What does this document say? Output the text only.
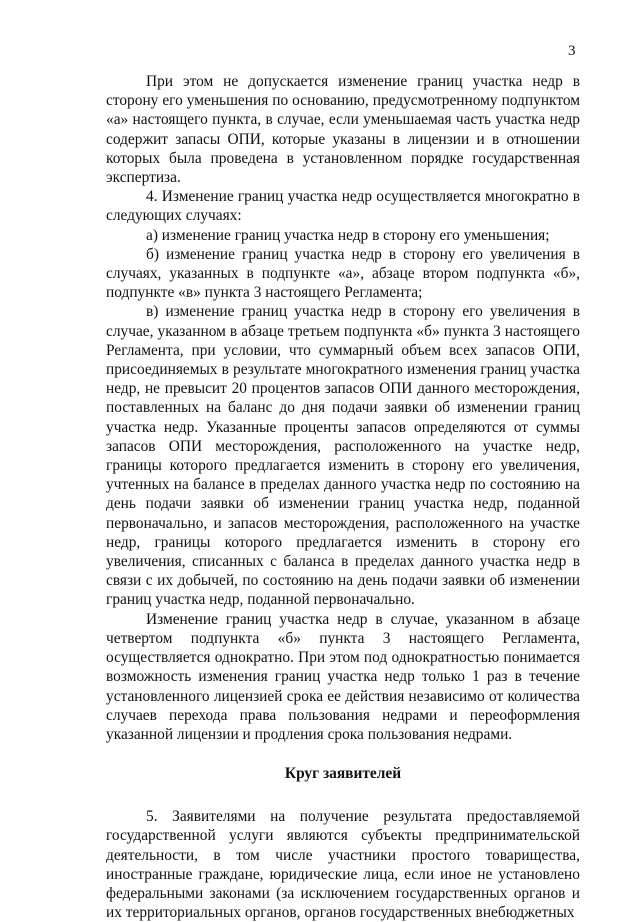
3

При этом не допускается изменение границ участка недр в сторону его уменьшения по основанию, предусмотренному подпунктом «а» настоящего пункта, в случае, если уменьшаемая часть участка недр содержит запасы ОПИ, которые указаны в лицензии и в отношении которых была проведена в установленном порядке государственная экспертиза.

4. Изменение границ участка недр осуществляется многократно в следующих случаях:

а) изменение границ участка недр в сторону его уменьшения;

б) изменение границ участка недр в сторону его увеличения в случаях, указанных в подпункте «а», абзаце втором подпункта «б», подпункте «в» пункта 3 настоящего Регламента;

в) изменение границ участка недр в сторону его увеличения в случае, указанном в абзаце третьем подпункта «б» пункта 3 настоящего Регламента, при условии, что суммарный объем всех запасов ОПИ, присоединяемых в результате многократного изменения границ участка недр, не превысит 20 процентов запасов ОПИ данного месторождения, поставленных на баланс до дня подачи заявки об изменении границ участка недр. Указанные проценты запасов определяются от суммы запасов ОПИ месторождения, расположенного на участке недр, границы которого предлагается изменить в сторону его увеличения, учтенных на балансе в пределах данного участка недр по состоянию на день подачи заявки об изменении границ участка недр, поданной первоначально, и запасов месторождения, расположенного на участке недр, границы которого предлагается изменить в сторону его увеличения, списанных с баланса в пределах данного участка недр в связи с их добычей, по состоянию на день подачи заявки об изменении границ участка недр, поданной первоначально.

Изменение границ участка недр в случае, указанном в абзаце четвертом подпункта «б» пункта 3 настоящего Регламента, осуществляется однократно. При этом под однократностью понимается возможность изменения границ участка недр только 1 раз в течение установленного лицензией срока ее действия независимо от количества случаев перехода права пользования недрами и переоформления указанной лицензии и продления срока пользования недрами.

Круг заявителей

5. Заявителями на получение результата предоставляемой государственной услуги являются субъекты предпринимательской деятельности, в том числе участники простого товарищества, иностранные граждане, юридические лица, если иное не установлено федеральными законами (за исключением государственных органов и их территориальных органов, органов государственных внебюджетных
